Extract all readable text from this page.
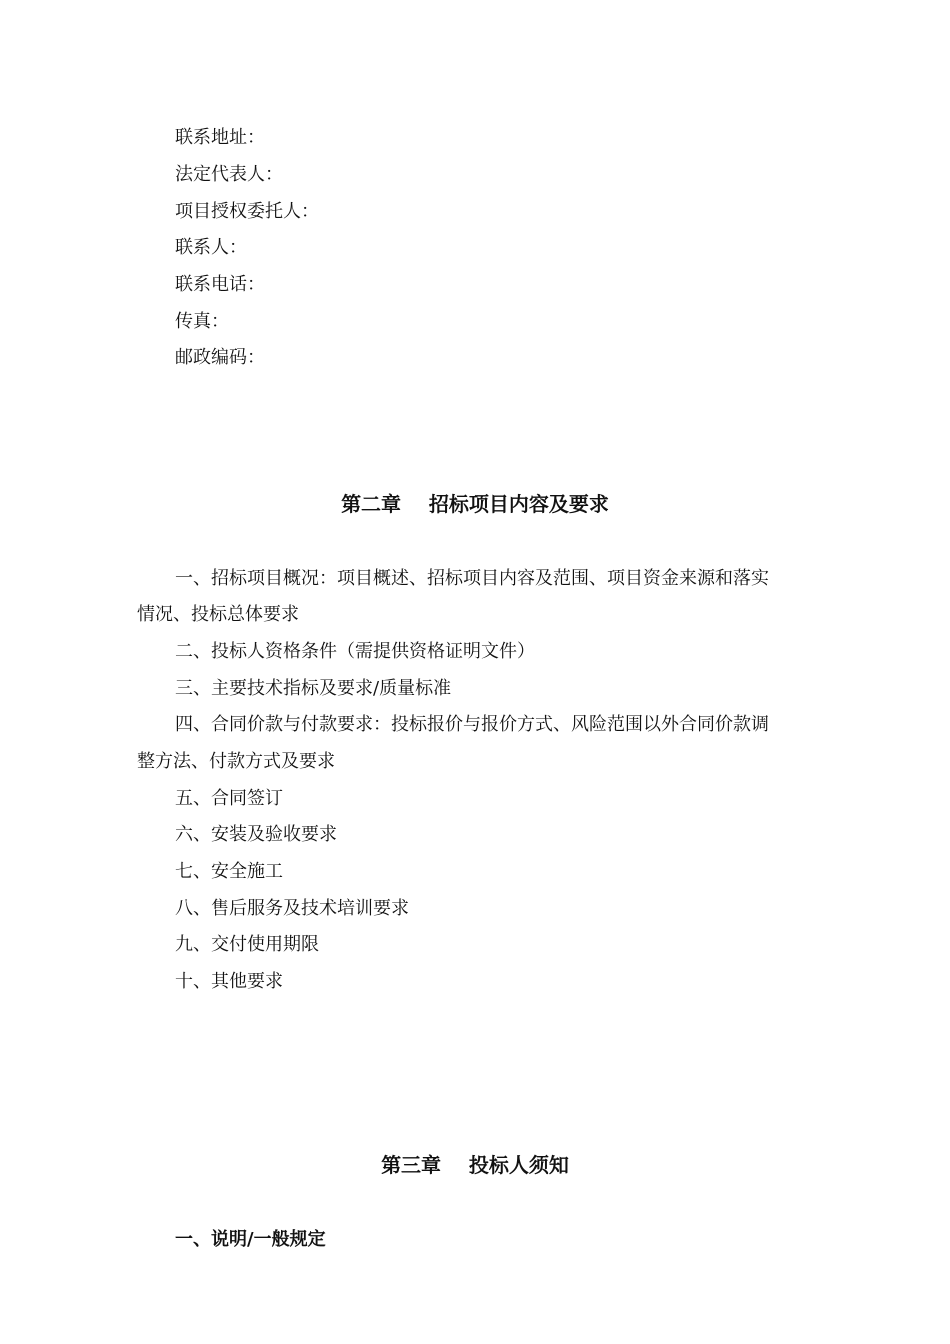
联系地址：
法定代表人：
项目授权委托人：
联系人：
联系电话：
传真：
邮政编码：
第二章    招标项目内容及要求
一、招标项目概况：项目概述、招标项目内容及范围、项目资金来源和落实
情况、投标总体要求
二、投标人资格条件（需提供资格证明文件）
三、主要技术指标及要求/质量标准
四、合同价款与付款要求：投标报价与报价方式、风险范围以外合同价款调
整方法、付款方式及要求
五、合同签订
六、安装及验收要求
七、安全施工
八、售后服务及技术培训要求
九、交付使用期限
十、其他要求
第三章    投标人须知
一、说明/一般规定
